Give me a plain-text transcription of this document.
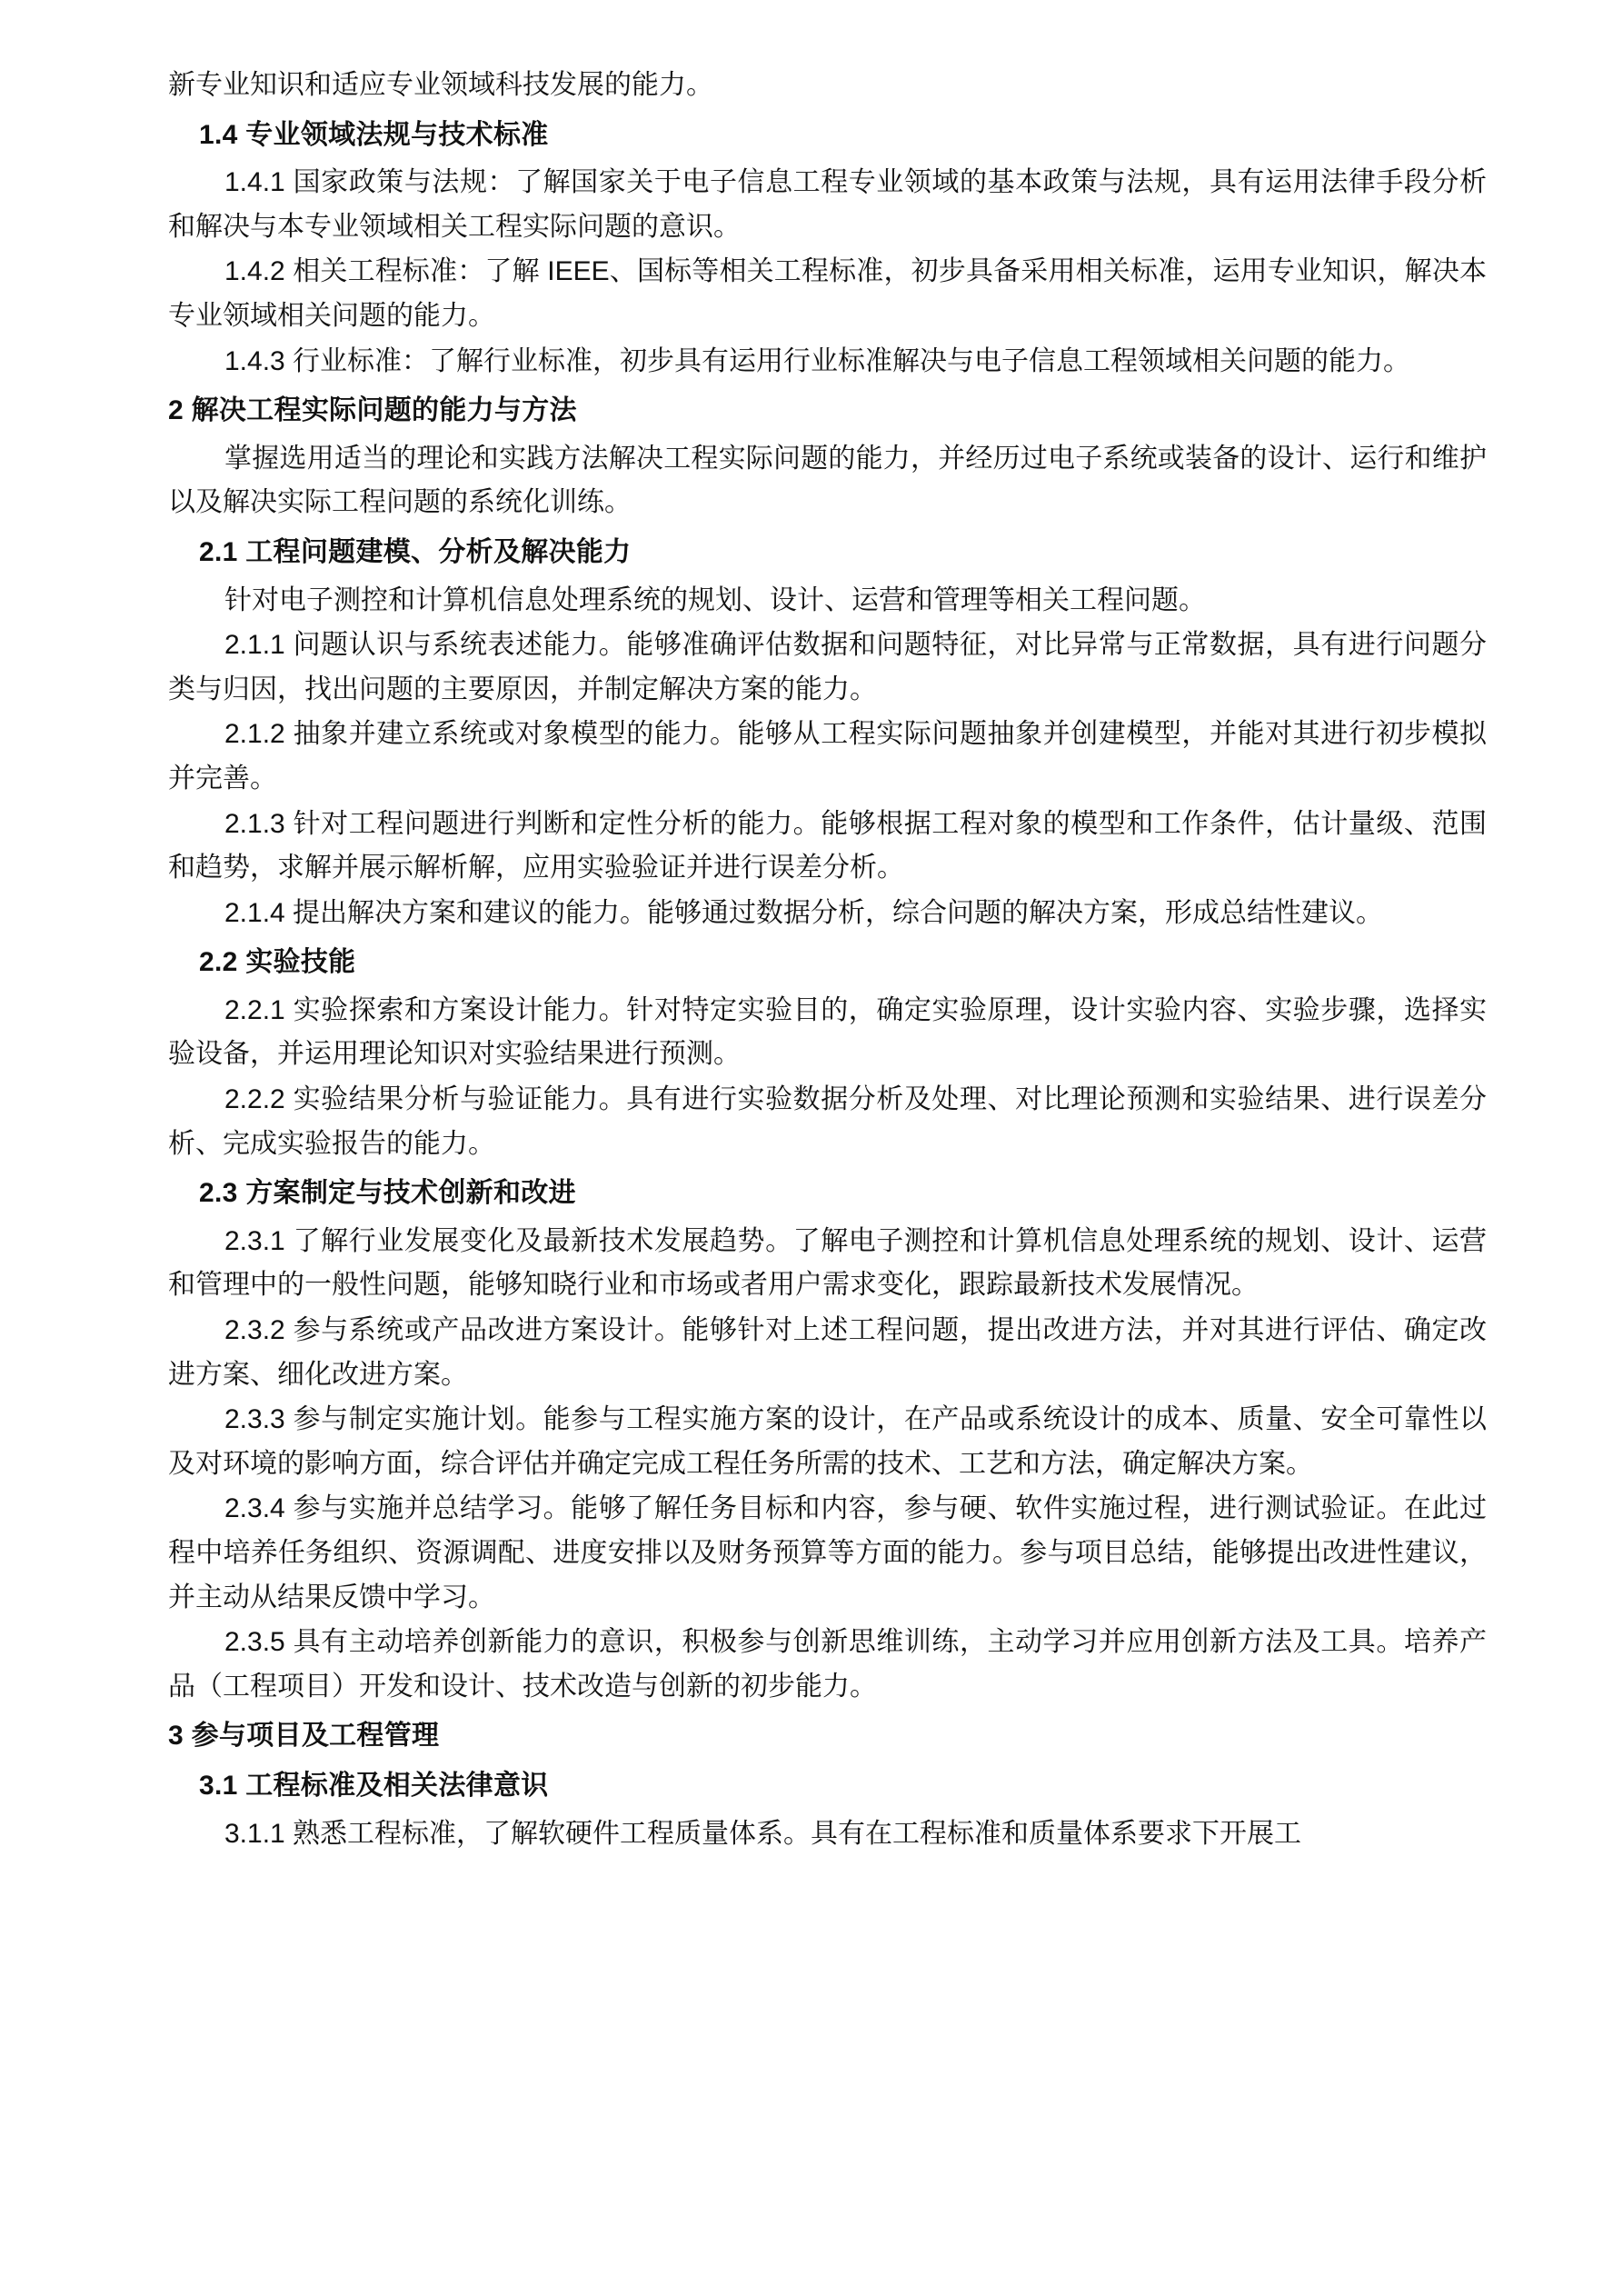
新专业知识和适应专业领域科技发展的能力。

1.4 专业领域法规与技术标准

1.4.1 国家政策与法规：了解国家关于电子信息工程专业领域的基本政策与法规，具有运用法律手段分析和解决与本专业领域相关工程实际问题的意识。

1.4.2 相关工程标准：了解 IEEE、国标等相关工程标准，初步具备采用相关标准，运用专业知识，解决本专业领域相关问题的能力。

1.4.3 行业标准：了解行业标准，初步具有运用行业标准解决与电子信息工程领域相关问题的能力。

2 解决工程实际问题的能力与方法

掌握选用适当的理论和实践方法解决工程实际问题的能力，并经历过电子系统或装备的设计、运行和维护以及解决实际工程问题的系统化训练。

2.1 工程问题建模、分析及解决能力

针对电子测控和计算机信息处理系统的规划、设计、运营和管理等相关工程问题。

2.1.1 问题认识与系统表述能力。能够准确评估数据和问题特征，对比异常与正常数据，具有进行问题分类与归因，找出问题的主要原因，并制定解决方案的能力。

2.1.2 抽象并建立系统或对象模型的能力。能够从工程实际问题抽象并创建模型，并能对其进行初步模拟并完善。

2.1.3 针对工程问题进行判断和定性分析的能力。能够根据工程对象的模型和工作条件，估计量级、范围和趋势，求解并展示解析解，应用实验验证并进行误差分析。

2.1.4 提出解决方案和建议的能力。能够通过数据分析，综合问题的解决方案，形成总结性建议。

2.2 实验技能

2.2.1 实验探索和方案设计能力。针对特定实验目的，确定实验原理，设计实验内容、实验步骤，选择实验设备，并运用理论知识对实验结果进行预测。

2.2.2 实验结果分析与验证能力。具有进行实验数据分析及处理、对比理论预测和实验结果、进行误差分析、完成实验报告的能力。

2.3 方案制定与技术创新和改进

2.3.1 了解行业发展变化及最新技术发展趋势。了解电子测控和计算机信息处理系统的规划、设计、运营和管理中的一般性问题，能够知晓行业和市场或者用户需求变化，跟踪最新技术发展情况。

2.3.2 参与系统或产品改进方案设计。能够针对上述工程问题，提出改进方法，并对其进行评估、确定改进方案、细化改进方案。

2.3.3 参与制定实施计划。能参与工程实施方案的设计，在产品或系统设计的成本、质量、安全可靠性以及对环境的影响方面，综合评估并确定完成工程任务所需的技术、工艺和方法，确定解决方案。

2.3.4 参与实施并总结学习。能够了解任务目标和内容，参与硬、软件实施过程，进行测试验证。在此过程中培养任务组织、资源调配、进度安排以及财务预算等方面的能力。参与项目总结，能够提出改进性建议，并主动从结果反馈中学习。

2.3.5 具有主动培养创新能力的意识，积极参与创新思维训练，主动学习并应用创新方法及工具。培养产品（工程项目）开发和设计、技术改造与创新的初步能力。

3 参与项目及工程管理

3.1 工程标准及相关法律意识

3.1.1 熟悉工程标准，了解软硬件工程质量体系。具有在工程标准和质量体系要求下开展工
